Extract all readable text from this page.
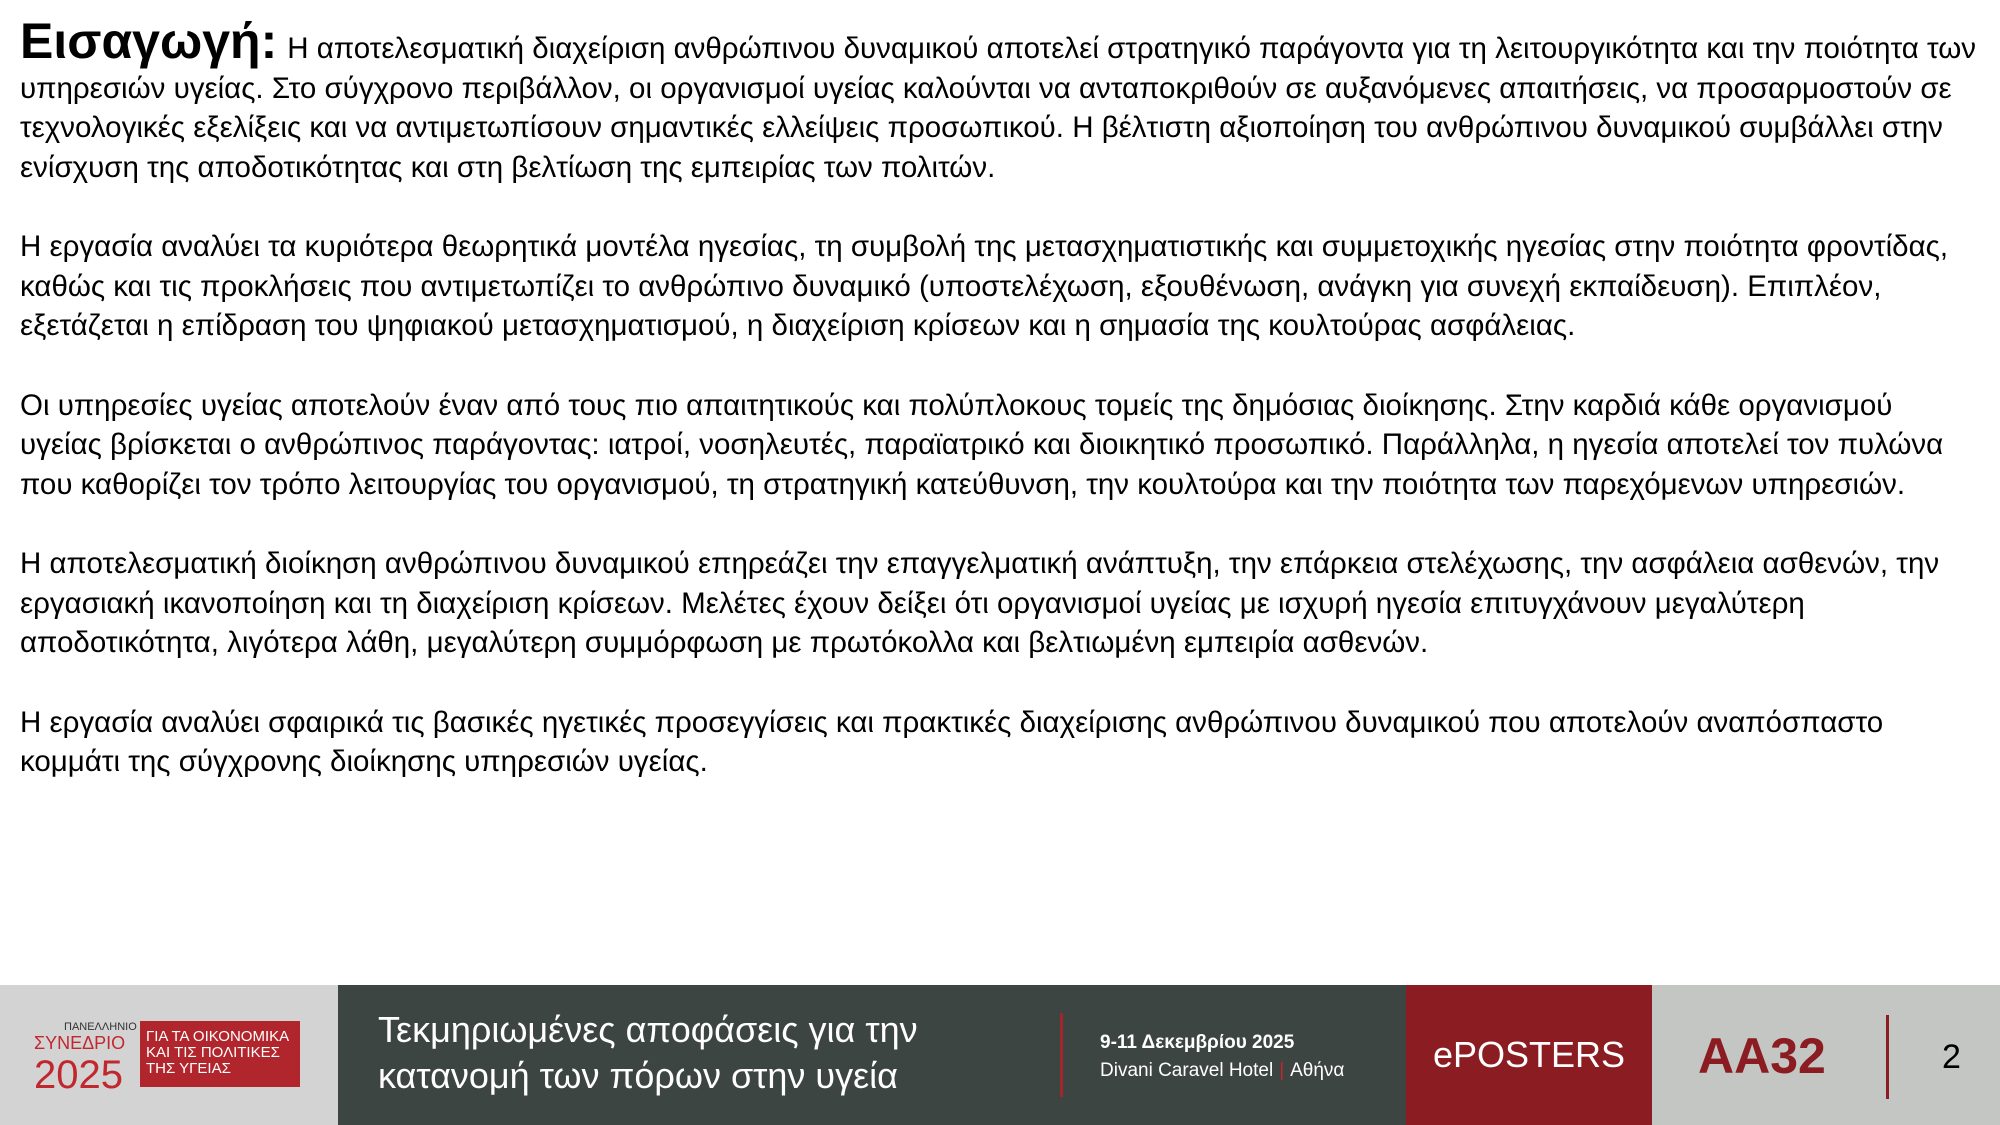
Εισαγωγή: Η αποτελεσματική διαχείριση ανθρώπινου δυναμικού αποτελεί στρατηγικό παράγοντα για τη λειτουργικότητα και την ποιότητα των υπηρεσιών υγείας. Στο σύγχρονο περιβάλλον, οι οργανισμοί υγείας καλούνται να ανταποκριθούν σε αυξανόμενες απαιτήσεις, να προσαρμοστούν σε τεχνολογικές εξελίξεις και να αντιμετωπίσουν σημαντικές ελλείψεις προσωπικού. Η βέλτιστη αξιοποίηση του ανθρώπινου δυναμικού συμβάλλει στην ενίσχυση της αποδοτικότητας και στη βελτίωση της εμπειρίας των πολιτών.

Η εργασία αναλύει τα κυριότερα θεωρητικά μοντέλα ηγεσίας, τη συμβολή της μετασχηματιστικής και συμμετοχικής ηγεσίας στην ποιότητα φροντίδας, καθώς και τις προκλήσεις που αντιμετωπίζει το ανθρώπινο δυναμικό (υποστελέχωση, εξουθένωση, ανάγκη για συνεχή εκπαίδευση). Επιπλέον, εξετάζεται η επίδραση του ψηφιακού μετασχηματισμού, η διαχείριση κρίσεων και η σημασία της κουλτούρας ασφάλειας.

Οι υπηρεσίες υγείας αποτελούν έναν από τους πιο απαιτητικούς και πολύπλοκους τομείς της δημόσιας διοίκησης. Στην καρδιά κάθε οργανισμού υγείας βρίσκεται ο ανθρώπινος παράγοντας: ιατροί, νοσηλευτές, παραϊατρικό και διοικητικό προσωπικό. Παράλληλα, η ηγεσία αποτελεί τον πυλώνα που καθορίζει τον τρόπο λειτουργίας του οργανισμού, τη στρατηγική κατεύθυνση, την κουλτούρα και την ποιότητα των παρεχόμενων υπηρεσιών.

Η αποτελεσματική διοίκηση ανθρώπινου δυναμικού επηρεάζει την επαγγελματική ανάπτυξη, την επάρκεια στελέχωσης, την ασφάλεια ασθενών, την εργασιακή ικανοποίηση και τη διαχείριση κρίσεων. Μελέτες έχουν δείξει ότι οργανισμοί υγείας με ισχυρή ηγεσία επιτυγχάνουν μεγαλύτερη αποδοτικότητα, λιγότερα λάθη, μεγαλύτερη συμμόρφωση με πρωτόκολλα και βελτιωμένη εμπειρία ασθενών.

Η εργασία αναλύει σφαιρικά τις βασικές ηγετικές προσεγγίσεις και πρακτικές διαχείρισης ανθρώπινου δυναμικού που αποτελούν αναπόσπαστο κομμάτι της σύγχρονης διοίκησης υπηρεσιών υγείας.

ΠΑΝΕΛΛΗΝΙΟ
ΣΥΝΕΔΡΙΟ
2025
ΓΙΑ ΤΑ ΟΙΚΟΝΟΜΙΚΑ
ΚΑΙ ΤΙΣ ΠΟΛΙΤΙΚΕΣ
ΤΗΣ ΥΓΕΙΑΣ
Τεκμηριωμένες αποφάσεις για την κατανομή των πόρων στην υγεία
9-11 Δεκεμβρίου 2025
Divani Caravel Hotel | Αθήνα	ePOSTERS	AA32	2
